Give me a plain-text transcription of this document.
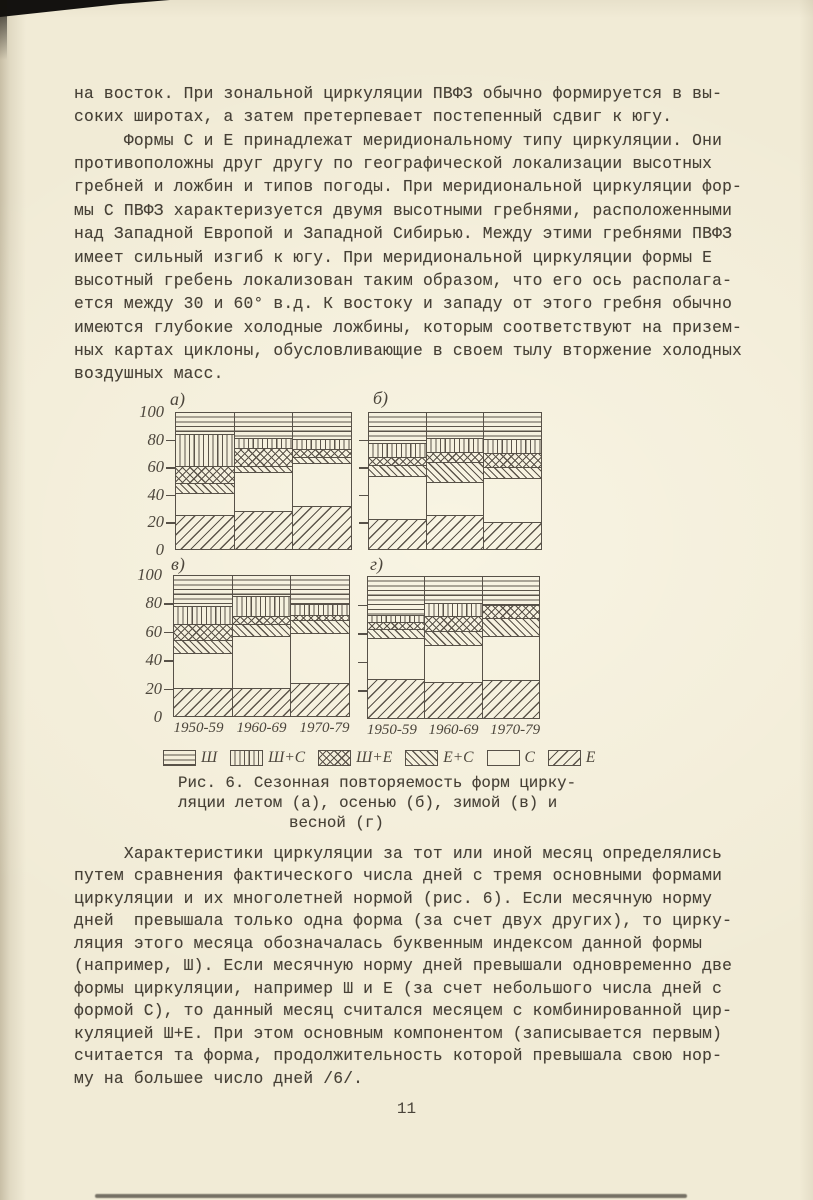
на восток. При зональной циркуляции ПВФЗ обычно формируется в вы-
соких широтах, а затем претерпевает постепенный сдвиг к югу.
Формы С и Е принадлежат меридиональному типу циркуляции. Они
противоположны друг другу по географической локализации высотных
гребней и ложбин и типов погоды. При меридиональной циркуляции фор-
мы С ПВФЗ характеризуется двумя высотными гребнями, расположенными
над Западной Европой и Западной Сибирью. Между этими гребнями ПВФЗ
имеет сильный изгиб к югу. При меридиональной циркуляции формы Е
высотный гребень локализован таким образом, что его ось располага-
ется между 30 и 60° в.д. К востоку и западу от этого гребня обычно
имеются глубокие холодные ложбины, которым соответствуют на призем-
ных картах циклоны, обусловливающие в своем тылу вторжение холодных
воздушных масс.
а)	б)
в)	г)
0
20
40
60
80
100
0
20
40
60
80
100
1950-59 1960-69 1970-79	1950-59 1960-69 1970-79
Ш	Ш+С	Ш+Е	Е+С	С	Е
Рис. 6. Сезонная повторяемость форм цирку-
ляции летом (а), осенью (б), зимой (в) и
весной (г)
Характеристики циркуляции за тот или иной месяц определялись
путем сравнения фактического числа дней с тремя основными формами
циркуляции и их многолетней нормой (рис. 6). Если месячную норму
дней  превышала только одна форма (за счет двух других), то цирку-
ляция этого месяца обозначалась буквенным индексом данной формы
(например, Ш). Если месячную норму дней превышали одновременно две
формы циркуляции, например Ш и Е (за счет небольшого числа дней с
формой С), то данный месяц считался месяцем с комбинированной цир-
куляцией Ш+Е. При этом основным компонентом (записывается первым)
считается та форма, продолжительность которой превышала свою нор-
му на большее число дней /6/.
11
